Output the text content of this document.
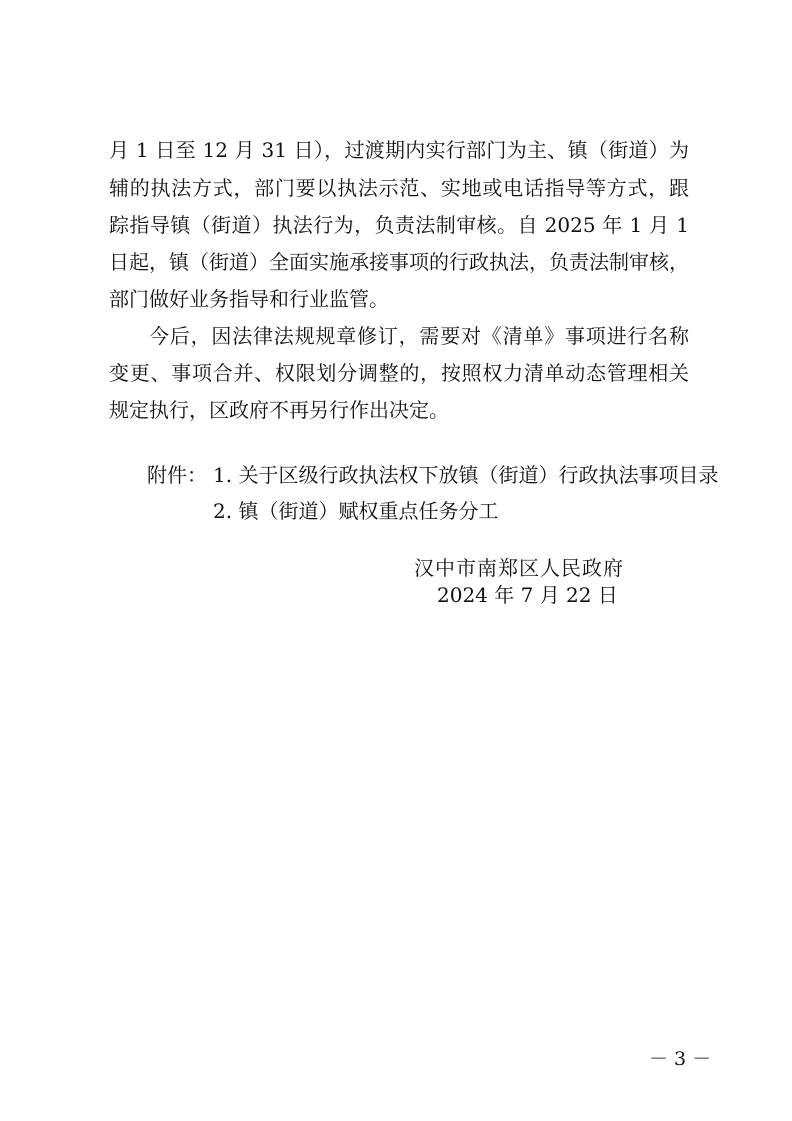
月 1 日至 12 月 31 日），过渡期内实行部门为主、镇（街道）为
辅的执法方式，部门要以执法示范、实地或电话指导等方式，跟
踪指导镇（街道）执法行为，负责法制审核。自 2025 年 1 月 1
日起，镇（街道）全面实施承接事项的行政执法，负责法制审核，
部门做好业务指导和行业监管。
今后，因法律法规规章修订，需要对《清单》事项进行名称
变更、事项合并、权限划分调整的，按照权力清单动态管理相关
规定执行，区政府不再另行作出决定。
附件： 1. 关于区级行政执法权下放镇（街道）行政执法事项目录
2. 镇（街道）赋权重点任务分工
汉中市南郑区人民政府
2024 年 7 月 22 日
－ 3 －
